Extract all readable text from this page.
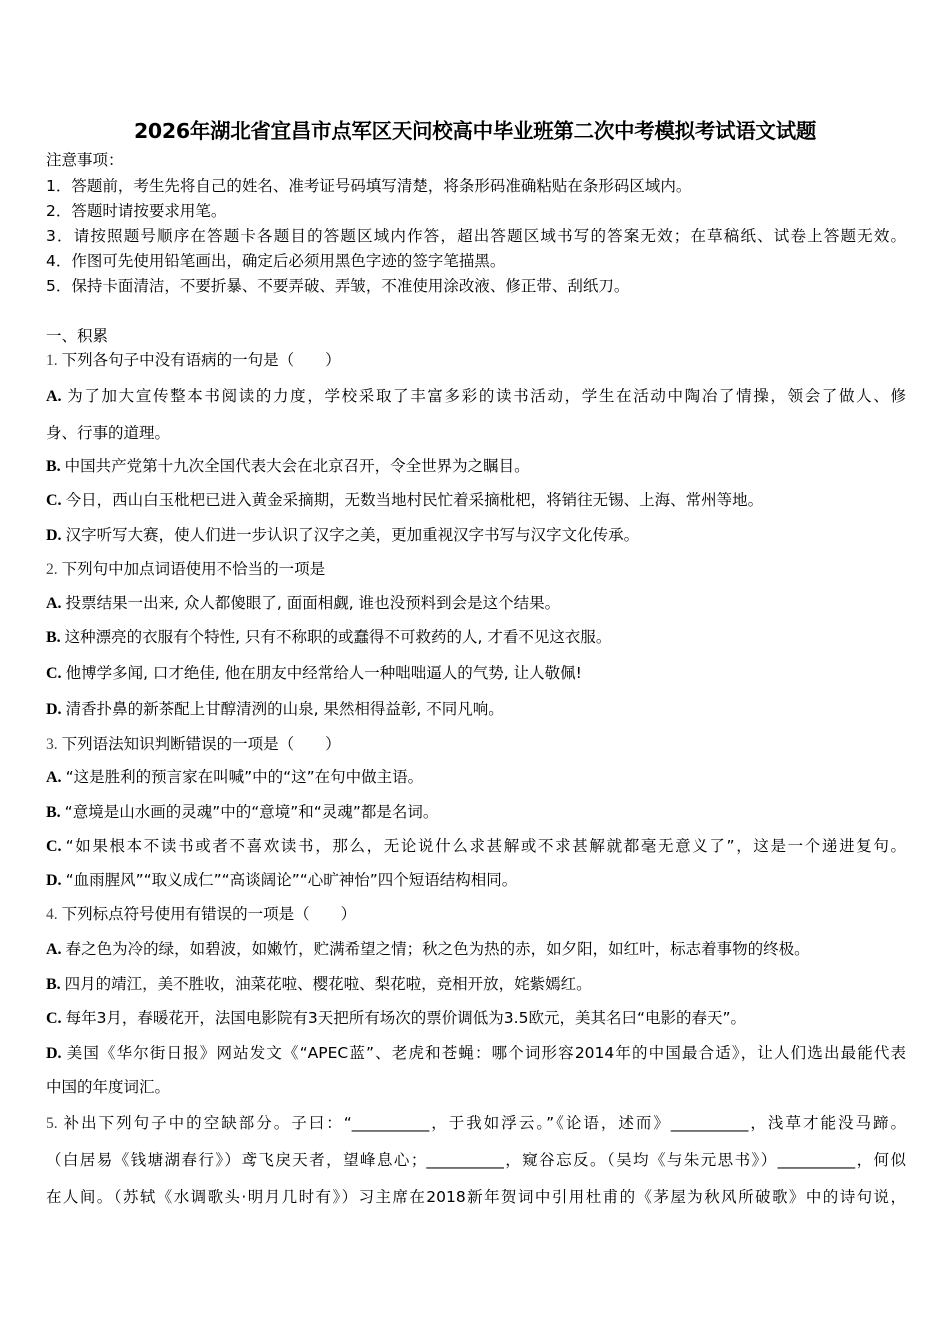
2026年湖北省宜昌市点军区天问校高中毕业班第二次中考模拟考试语文试题
注意事项：
1．答题前，考生先将自己的姓名、准考证号码填写清楚，将条形码准确粘贴在条形码区域内。
2．答题时请按要求用笔。
3．请按照题号顺序在答题卡各题目的答题区域内作答，超出答题区域书写的答案无效；在草稿纸、试卷上答题无效。
4．作图可先使用铅笔画出，确定后必须用黑色字迹的签字笔描黑。
5．保持卡面清洁，不要折暴、不要弄破、弄皱，不准使用涂改液、修正带、刮纸刀。
一、积累
1. 下列各句子中没有语病的一句是（　　）
A. 为了加大宣传整本书阅读的力度，学校采取了丰富多彩的读书活动，学生在活动中陶冶了情操，领会了做人、修
身、行事的道理。
B. 中国共产党第十九次全国代表大会在北京召开，令全世界为之瞩目。
C. 今日，西山白玉枇杷已进入黄金采摘期，无数当地村民忙着采摘枇杷，将销往无锡、上海、常州等地。
D. 汉字听写大赛，使人们进一步认识了汉字之美，更加重视汉字书写与汉字文化传承。
2. 下列句中加点词语使用不恰当的一项是
A. 投票结果一出来, 众人都傻眼了, 面面相觑, 谁也没预料到会是这个结果。
B. 这种漂亮的衣服有个特性, 只有不称职的或蠢得不可救药的人, 才看不见这衣服。
C. 他博学多闻, 口才绝佳, 他在朋友中经常给人一种咄咄逼人的气势, 让人敬佩!
D. 清香扑鼻的新茶配上甘醇清洌的山泉, 果然相得益彰, 不同凡响。
3. 下列语法知识判断错误的一项是（　　）
A. “这是胜利的预言家在叫喊”中的“这”在句中做主语。
B. “意境是山水画的灵魂”中的“意境”和“灵魂”都是名词。
C. “如果根本不读书或者不喜欢读书，那么，无论说什么求甚解或不求甚解就都毫无意义了”，这是一个递进复句。
D. “血雨腥风”“取义成仁”“高谈阔论”“心旷神怡”四个短语结构相同。
4. 下列标点符号使用有错误的一项是（　　）
A. 春之色为冷的绿，如碧波，如嫩竹，贮满希望之情；秋之色为热的赤，如夕阳，如红叶，标志着事物的终极。
B. 四月的靖江，美不胜收，油菜花啦、樱花啦、梨花啦，竞相开放，姹紫嫣红。
C. 每年3月，春暖花开，法国电影院有3天把所有场次的票价调低为3.5欧元，美其名曰“电影的春天”。
D. 美国《华尔街日报》网站发文《“APEC蓝”、老虎和苍蝇：哪个词形容2014年的中国最合适》，让人们选出最能代表
中国的年度词汇。
5. 补出下列句子中的空缺部分。子曰：“__________，于我如浮云。”《论语，述而》__________，浅草才能没马蹄。
（白居易《钱塘湖春行》）鸢飞戾天者，望峰息心；__________，窥谷忘反。（吴均《与朱元思书》）__________，何似
在人间。（苏轼《水调歌头·明月几时有》）习主席在2018新年贺词中引用杜甫的《茅屋为秋风所破歌》中的诗句说，
